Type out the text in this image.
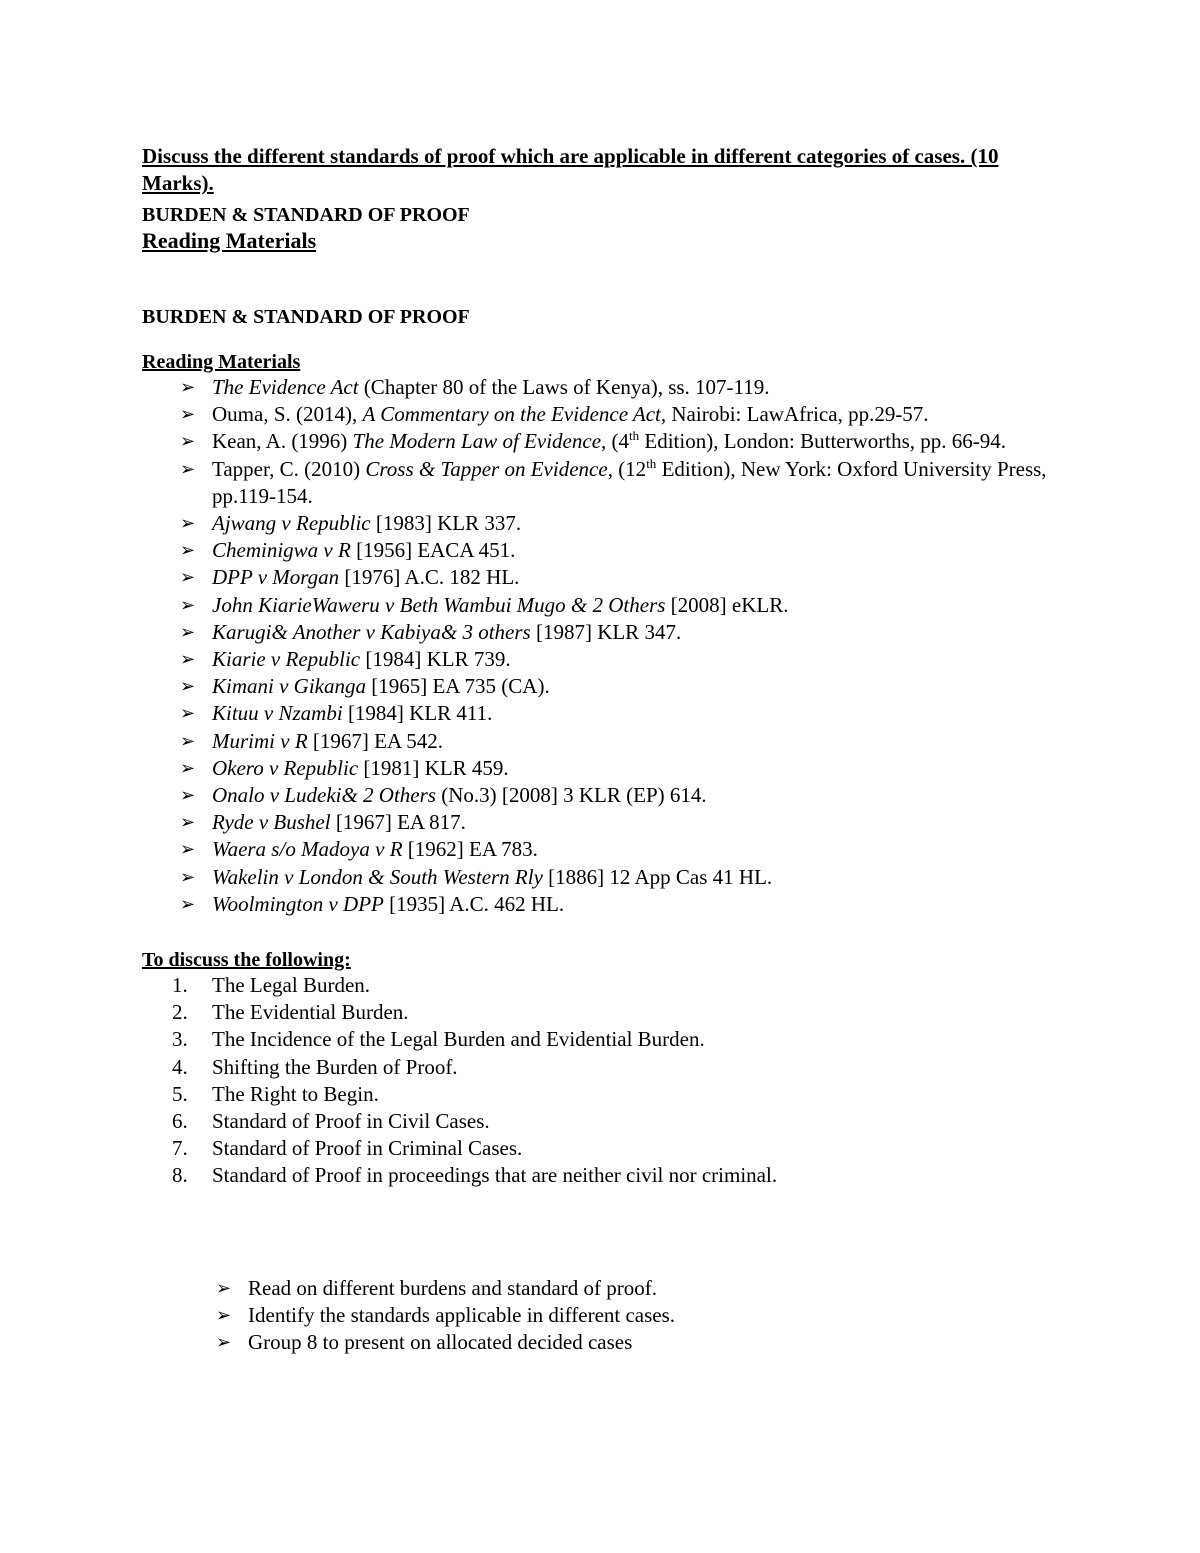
Discuss the different standards of proof which are applicable in different categories of cases. (10 Marks).

BURDEN & STANDARD OF PROOF

Reading Materials

BURDEN & STANDARD OF PROOF

Reading Materials

➢
The Evidence Act (Chapter 80 of the Laws of Kenya), ss. 107-119.
➢
Ouma, S. (2014), A Commentary on the Evidence Act, Nairobi: LawAfrica, pp.29-57.
➢
Kean, A. (1996) The Modern Law of Evidence, (4th Edition), London: Butterworths, pp. 66-94.
➢
Tapper, C. (2010) Cross & Tapper on Evidence, (12th Edition), New York: Oxford University Press, pp.119-154.
➢
Ajwang v Republic [1983] KLR 337.
➢
Cheminigwa v R [1956] EACA 451.
➢
DPP v Morgan [1976] A.C. 182 HL.
➢
John KiarieWaweru v Beth Wambui Mugo & 2 Others [2008] eKLR.
➢
Karugi& Another v Kabiya& 3 others [1987] KLR 347.
➢
Kiarie v Republic [1984] KLR 739.
➢
Kimani v Gikanga [1965] EA 735 (CA).
➢
Kituu v Nzambi [1984] KLR 411.
➢
Murimi v R [1967] EA 542.
➢
Okero v Republic [1981] KLR 459.
➢
Onalo v Ludeki& 2 Others (No.3) [2008] 3 KLR (EP) 614.
➢
Ryde v Bushel [1967] EA 817.
➢
Waera s/o Madoya v R [1962] EA 783.
➢
Wakelin v London & South Western Rly [1886] 12 App Cas 41 HL.
➢
Woolmington v DPP [1935] A.C. 462 HL.

To discuss the following:

1. The Legal Burden.
2. The Evidential Burden.
3. The Incidence of the Legal Burden and Evidential Burden.
4. Shifting the Burden of Proof.
5. The Right to Begin.
6. Standard of Proof in Civil Cases.
7. Standard of Proof in Criminal Cases.
8. Standard of Proof in proceedings that are neither civil nor criminal.
➢
Read on different burdens and standard of proof.
➢
Identify the standards applicable in different cases.
➢
Group 8 to present on allocated decided cases
